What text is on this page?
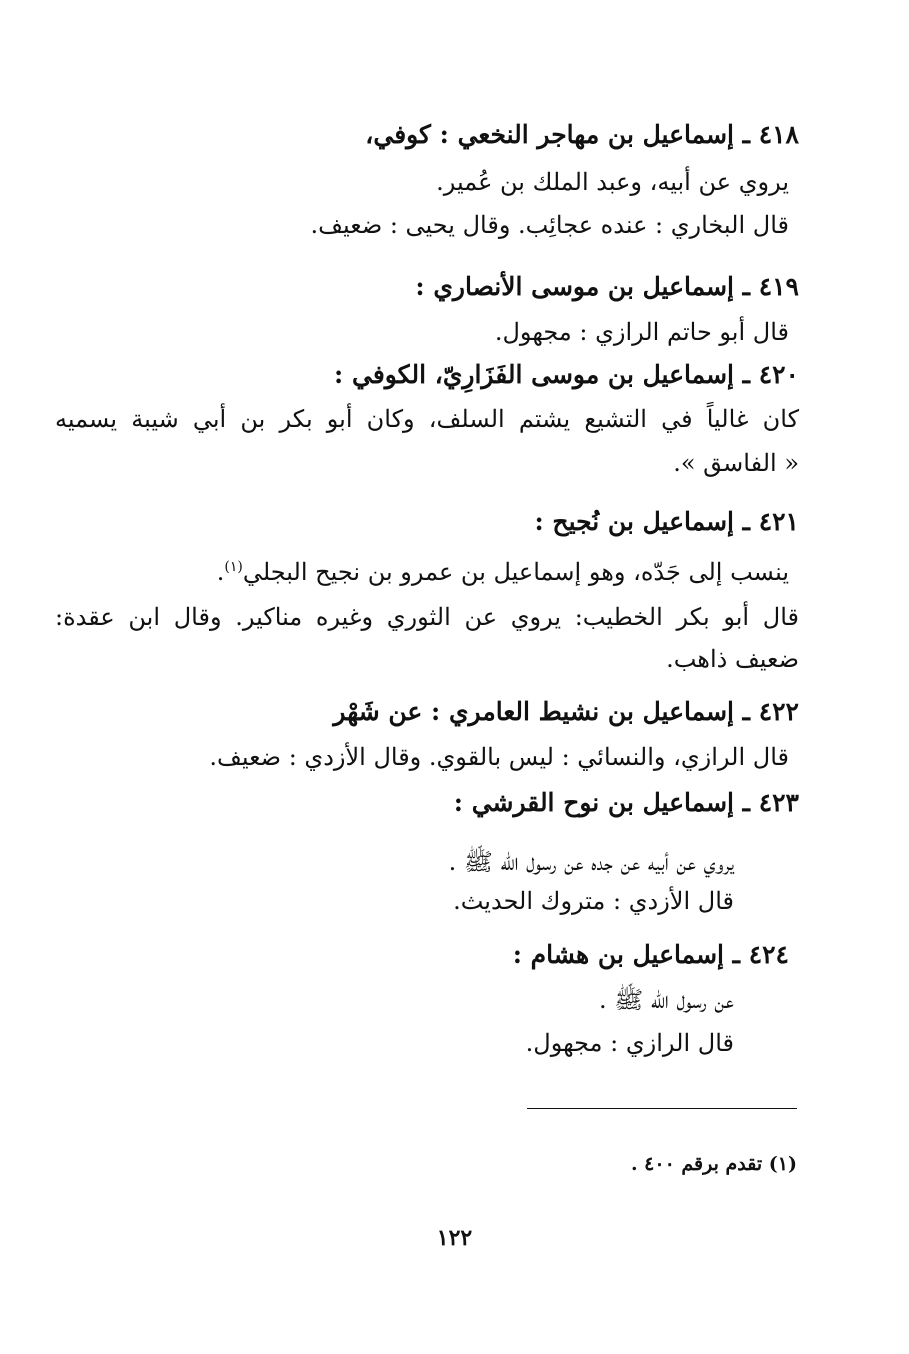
٤١٨ ـ إسماعيل بن مهاجر النخعي : كوفي،
يروي عن أبيه، وعبد الملك بن عُمير.
قال البخاري : عنده عجائِب. وقال يحيى : ضعيف.
٤١٩ ـ إسماعيل بن موسى الأنصاري :
قال أبو حاتم الرازي : مجهول.
٤٢٠ ـ إسماعيل بن موسى الفَزَارِيّ، الكوفي :
كان غالياً في التشيع يشتم السلف، وكان أبو بكر بن أبي شيبة يسميه
« الفاسق ».
٤٢١ ـ إسماعيل بن نُجيح :
ينسب إلى جَدّه، وهو إسماعيل بن عمرو بن نجيح البجلي$^{(١)}$.
قال أبو بكر الخطيب: يروي عن الثوري وغيره مناكير. وقال ابن عقدة:
ضعيف ذاهب.
٤٢٢ ـ إسماعيل بن نشيط العامري : عن شَهْر
قال الرازي، والنسائي : ليس بالقوي. وقال الأزدي : ضعيف.
٤٢٣ ـ إسماعيل بن نوح القرشي :
يروي عن أبيه عن جده عن رسول الله ﷺ .
قال الأزدي : متروك الحديث.
٤٢٤ ـ إسماعيل بن هشام :
عن رسول الله ﷺ .
قال الرازي : مجهول.
(١) تقدم برقم ٤٠٠ .
١٢٢
